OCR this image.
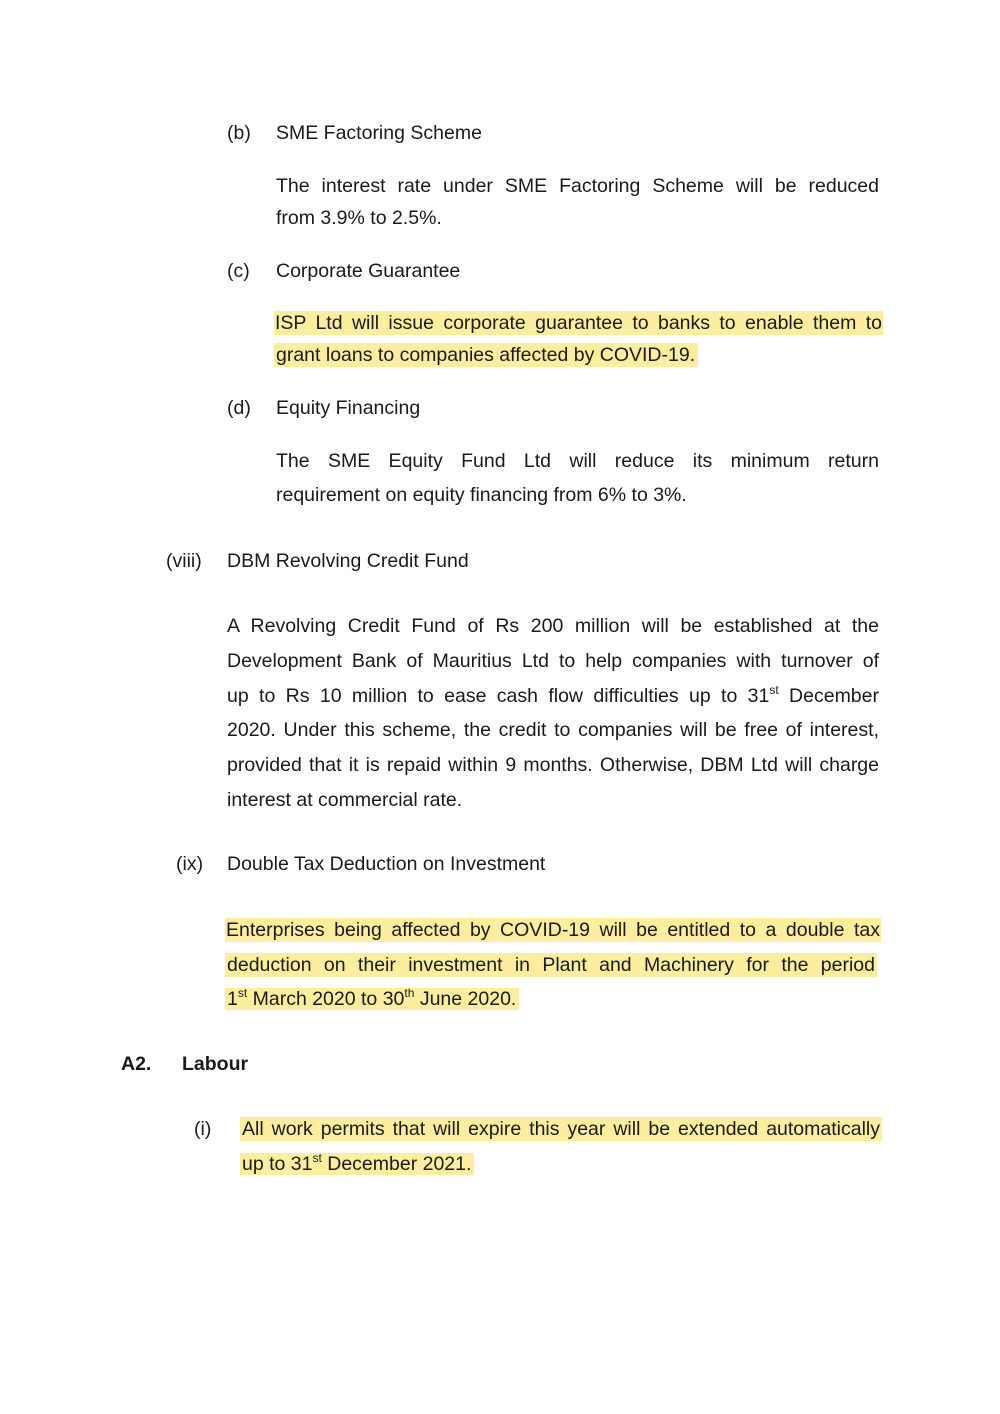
(b) SME Factoring Scheme
The interest rate under SME Factoring Scheme will be reduced
from 3.9% to 2.5%.
(c) Corporate Guarantee
ISP Ltd will issue corporate guarantee to banks to enable them to
grant loans to companies affected by COVID-19.
(d) Equity Financing
The SME Equity Fund Ltd will reduce its minimum return
requirement on equity financing from 6% to 3%.
(viii) DBM Revolving Credit Fund
A Revolving Credit Fund of Rs 200 million will be established at the
Development Bank of Mauritius Ltd to help companies with turnover of
up to Rs 10 million to ease cash flow difficulties up to 31st December
2020. Under this scheme, the credit to companies will be free of interest,
provided that it is repaid within 9 months. Otherwise, DBM Ltd will charge
interest at commercial rate.
(ix) Double Tax Deduction on Investment
Enterprises being affected by COVID-19 will be entitled to a double tax
deduction on their investment in Plant and Machinery for the period
1st March 2020 to 30th June 2020.
A2. Labour
(i) All work permits that will expire this year will be extended automatically
up to 31st December 2021.
